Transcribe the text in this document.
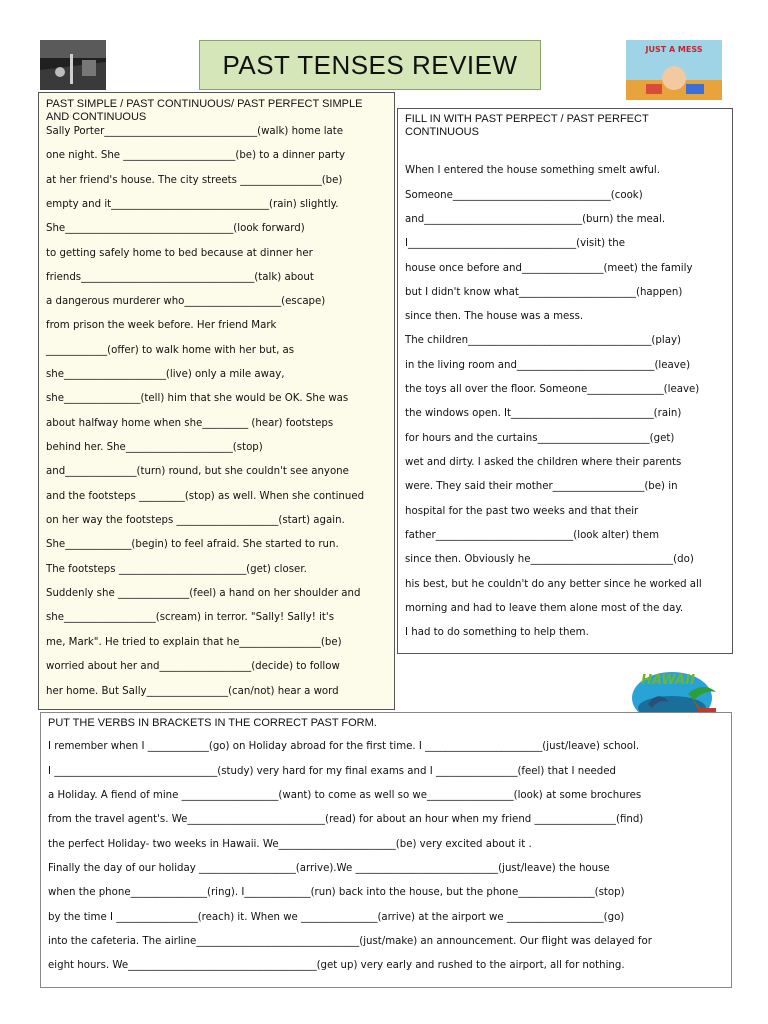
PAST TENSES REVIEW	JUST A MESS
PAST SIMPLE / PAST CONTINUOUS/ PAST PERFECT SIMPLE
AND CONTINUOUS
Sally Porter______________________________(walk) home late
one night. She ______________________(be) to a dinner party
at her friend's house. The city streets ________________(be)
empty and it_______________________________(rain) slightly.
She_________________________________(look forward)
to getting safely home to bed because at dinner her
friends__________________________________(talk) about
a dangerous murderer who___________________(escape)
from prison the week before. Her friend Mark
____________(offer) to walk home with her but, as
she____________________(live) only a mile away,
she_______________(tell) him that she would be OK. She was
about halfway home when she_________ (hear) footsteps
behind her. She_____________________(stop)
and______________(turn) round, but she couldn't see anyone
and the footsteps _________(stop) as well. When she continued
on her way the footsteps ____________________(start) again.
She_____________(begin) to feel afraid. She started to run.
The footsteps _________________________(get) closer.
Suddenly she ______________(feel) a hand on her shoulder and
she__________________(scream) in terror. "Sally! Sally! it's
me, Mark". He tried to explain that he________________(be)
worried about her and__________________(decide) to follow
her home. But Sally________________(can/not) hear a word
FILL IN WITH PAST PERPECT / PAST PERFECT
CONTINUOUS
When I entered the house something smelt awful.
Someone_______________________________(cook)
and_______________________________(burn) the meal.
I_________________________________(visit) the
house once before and________________(meet) the family
but I didn't know what_______________________(happen)
since then. The house was a mess.
The children____________________________________(play)
in the living room and___________________________(leave)
the toys all over the floor. Someone_______________(leave)
the windows open. It____________________________(rain)
for hours and the curtains______________________(get)
wet and dirty. I asked the children where their parents
were. They said their mother__________________(be) in
hospital for the past two weeks and that their
father___________________________(look alter) them
since then. Obviously he____________________________(do)
his best, but he couldn't do any better since he worked all
morning and had to leave them alone most of the day.
I had to do something to help them.
HAWAII
PUT THE VERBS IN BRACKETS IN THE CORRECT PAST FORM.
I remember when I ____________(go) on Holiday abroad for the first time. I _______________________(just/leave) school.
I ________________________________(study) very hard for my final exams and I ________________(feel) that I needed
a Holiday. A fiend of mine ___________________(want) to come as well so we_________________(look) at some brochures
from the travel agent's. We___________________________(read) for about an hour when my friend ________________(find)
the perfect Holiday- two weeks in Hawaii. We_______________________(be) very excited about it .
Finally the day of our holiday ___________________(arrive).We ____________________________(just/leave) the house
when the phone_______________(ring). I_____________(run) back into the house, but the phone_______________(stop)
by the time I ________________(reach) it. When we _______________(arrive) at the airport we ___________________(go)
into the cafeteria. The airline________________________________(just/make) an announcement. Our flight was delayed for
eight hours. We_____________________________________(get up) very early and rushed to the airport, all for nothing.
